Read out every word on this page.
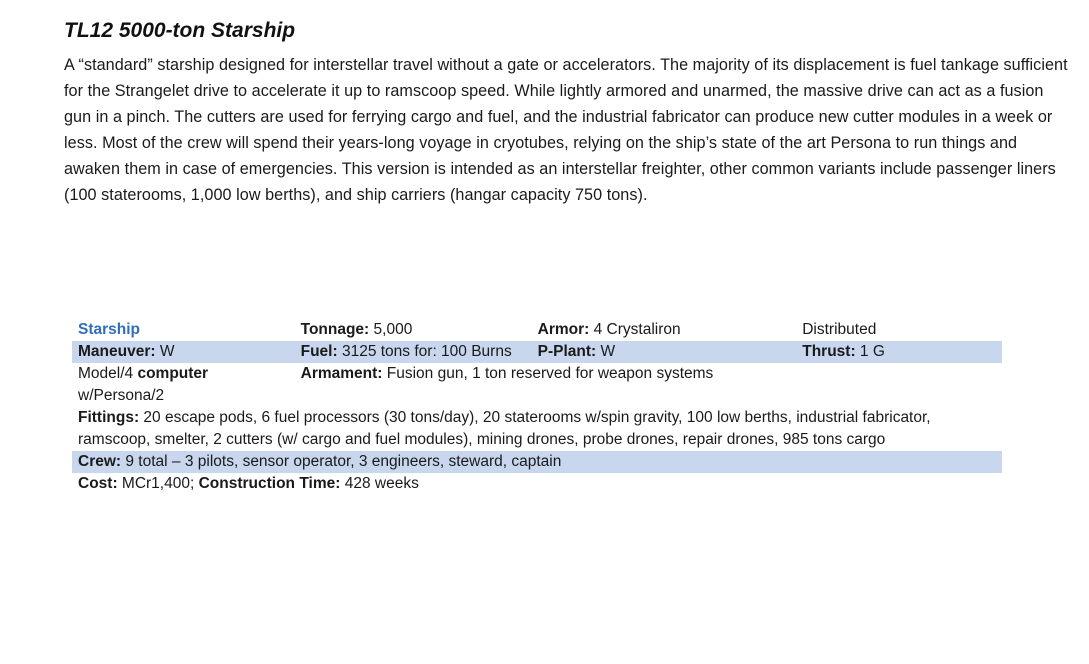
TL12 5000-ton Starship

A “standard” starship designed for interstellar travel without a gate or accelerators. The majority of its displacement is fuel tankage sufficient for the Strangelet drive to accelerate it up to ramscoop speed. While lightly armored and unarmed, the massive drive can act as a fusion gun in a pinch. The cutters are used for ferrying cargo and fuel, and the industrial fabricator can produce new cutter modules in a week or less. Most of the crew will spend their years-long voyage in cryotubes, relying on the ship’s state of the art Persona to run things and awaken them in case of emergencies. This version is intended as an interstellar freighter, other common variants include passenger liners (100 staterooms, 1,000 low berths), and ship carriers (hangar capacity 750 tons).

Starship	Tonnage: 5,000	Armor: 4 Crystaliron	Distributed
Maneuver: W	Fuel: 3125 tons for: 100 Burns	P-Plant: W	Thrust: 1 G
Model/4 computer w/Persona/2	Armament: Fusion gun, 1 ton reserved for weapon systems		
Fittings: 20 escape pods, 6 fuel processors (30 tons/day), 20 staterooms w/spin gravity, 100 low berths, industrial fabricator, ramscoop, smelter, 2 cutters (w/ cargo and fuel modules), mining drones, probe drones, repair drones, 985 tons cargo			
Crew: 9 total – 3 pilots, sensor operator, 3 engineers, steward, captain			
Cost: MCr1,400; Construction Time: 428 weeks			
